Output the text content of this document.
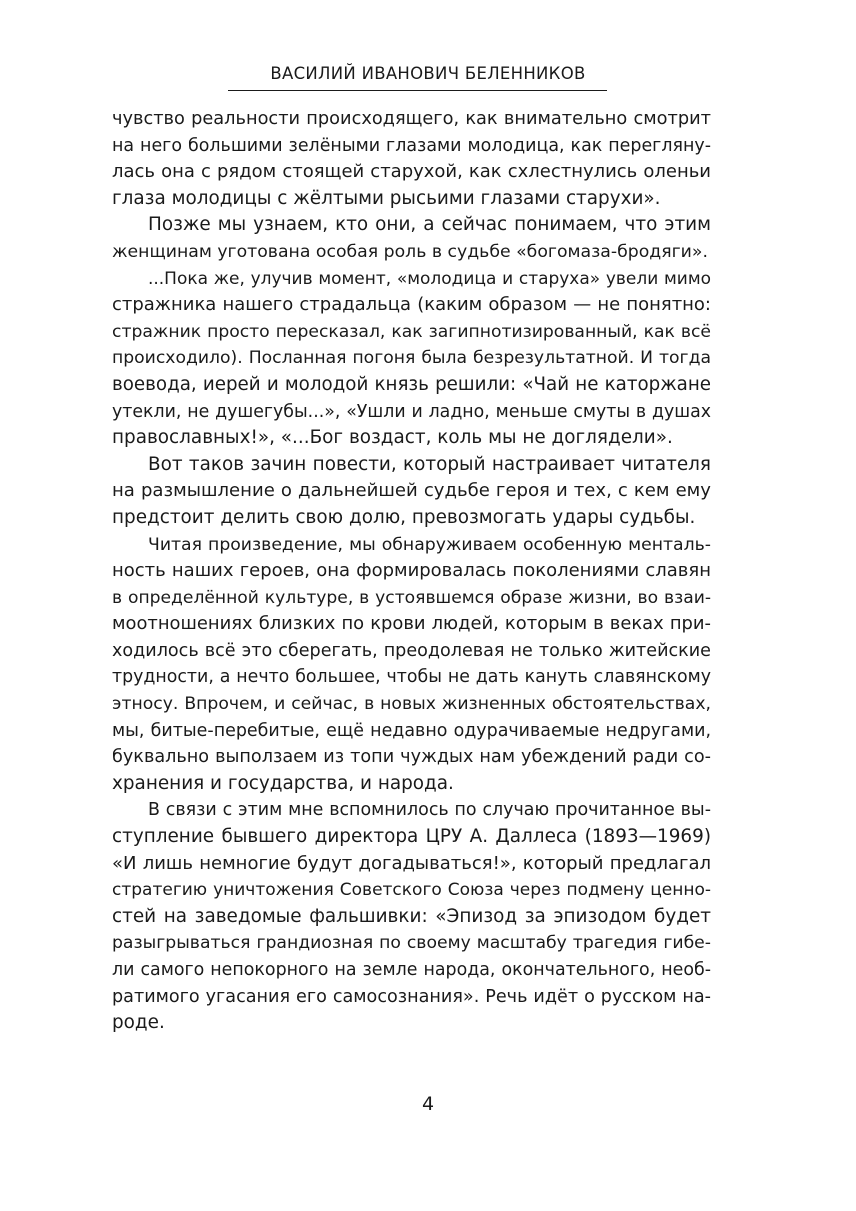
ВАСИЛИЙ ИВАНОВИЧ БЕЛЕННИКОВ
чувство реальности происходящего, как внимательно смотрит
на него большими зелёными глазами молодица, как перегляну-
лась она с рядом стоящей старухой, как схлестнулись оленьи
глаза молодицы с жёлтыми рысьими глазами старухи».
Позже мы узнаем, кто они, а сейчас понимаем, что этим
женщинам уготована особая роль в судьбе «богомаза-бродяги».
...Пока же, улучив момент, «молодица и старуха» увели мимо
стражника нашего страдальца (каким образом — не понятно:
стражник просто пересказал, как загипнотизированный, как всё
происходило). Посланная погоня была безрезультатной. И тогда
воевода, иерей и молодой князь решили: «Чай не каторжане
утекли, не душегубы...», «Ушли и ладно, меньше смуты в душах
православных!», «...Бог воздаст, коль мы не доглядели».
Вот таков зачин повести, который настраивает читателя
на размышление о дальнейшей судьбе героя и тех, с кем ему
предстоит делить свою долю, превозмогать удары судьбы.
Читая произведение, мы обнаруживаем особенную менталь-
ность наших героев, она формировалась поколениями славян
в определённой культуре, в устоявшемся образе жизни, во взаи-
моотношениях близких по крови людей, которым в веках при-
ходилось всё это сберегать, преодолевая не только житейские
трудности, а нечто большее, чтобы не дать кануть славянскому
этносу. Впрочем, и сейчас, в новых жизненных обстоятельствах,
мы, битые-перебитые, ещё недавно одурачиваемые недругами,
буквально выползаем из топи чуждых нам убеждений ради со-
хранения и государства, и народа.
В связи с этим мне вспомнилось по случаю прочитанное вы-
ступление бывшего директора ЦРУ А. Даллеса (1893—1969)
«И лишь немногие будут догадываться!», который предлагал
стратегию уничтожения Советского Союза через подмену ценно-
стей на заведомые фальшивки: «Эпизод за эпизодом будет
разыгрываться грандиозная по своему масштабу трагедия гибе-
ли самого непокорного на земле народа, окончательного, необ-
ратимого угасания его самосознания». Речь идёт о русском на-
роде.
4
